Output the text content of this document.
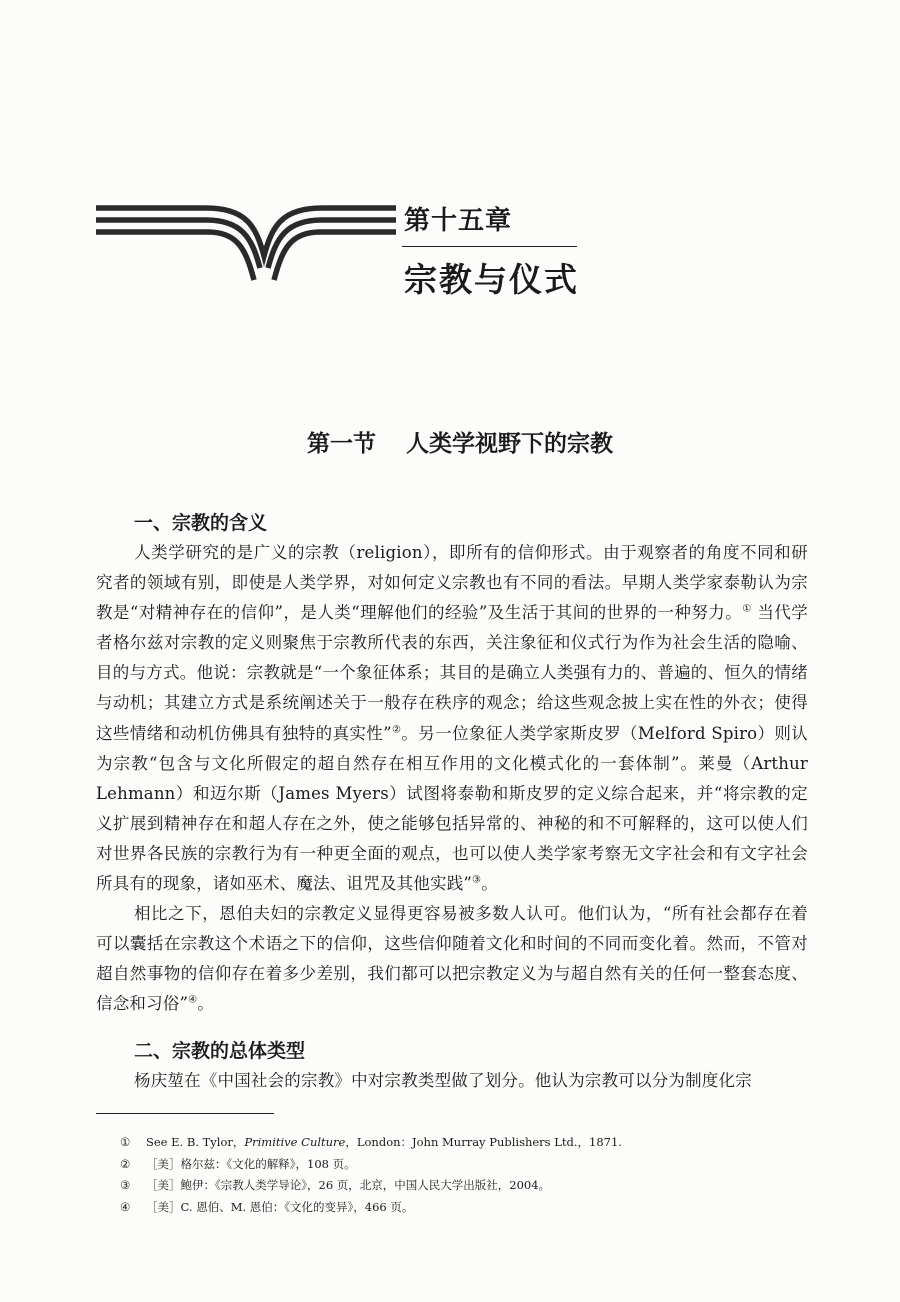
第十五章
宗教与仪式
第一节 人类学视野下的宗教
一、宗教的含义

人类学研究的是广义的宗教（religion），即所有的信仰形式。由于观察者的角度不同和研究者的领域有别，即使是人类学界，对如何定义宗教也有不同的看法。早期人类学家泰勒认为宗教是“对精神存在的信仰”，是人类“理解他们的经验”及生活于其间的世界的一种努力。① 当代学者格尔兹对宗教的定义则聚焦于宗教所代表的东西，关注象征和仪式行为作为社会生活的隐喻、目的与方式。他说：宗教就是“一个象征体系；其目的是确立人类强有力的、普遍的、恒久的情绪与动机；其建立方式是系统阐述关于一般存在秩序的观念；给这些观念披上实在性的外衣；使得这些情绪和动机仿佛具有独特的真实性”②。另一位象征人类学家斯皮罗（Melford Spiro）则认为宗教“包含与文化所假定的超自然存在相互作用的文化模式化的一套体制”。莱曼（Arthur Lehmann）和迈尔斯（James Myers）试图将泰勒和斯皮罗的定义综合起来，并“将宗教的定义扩展到精神存在和超人存在之外，使之能够包括异常的、神秘的和不可解释的，这可以使人们对世界各民族的宗教行为有一种更全面的观点，也可以使人类学家考察无文字社会和有文字社会所具有的现象，诸如巫术、魔法、诅咒及其他实践”③。

相比之下，恩伯夫妇的宗教定义显得更容易被多数人认可。他们认为，“所有社会都存在着可以囊括在宗教这个术语之下的信仰，这些信仰随着文化和时间的不同而变化着。然而，不管对超自然事物的信仰存在着多少差别，我们都可以把宗教定义为与超自然有关的任何一整套态度、信念和习俗”④。

二、宗教的总体类型

杨庆堃在《中国社会的宗教》中对宗教类型做了划分。他认为宗教可以分为制度化宗

① See E. B. Tylor，Primitive Culture，London：John Murray Publishers Ltd.，1871.
② ［美］格尔兹：《文化的解释》，108 页。
③ ［美］鲍伊：《宗教人类学导论》，26 页，北京，中国人民大学出版社，2004。
④ ［美］C. 恩伯、M. 恩伯：《文化的变异》，466 页。
